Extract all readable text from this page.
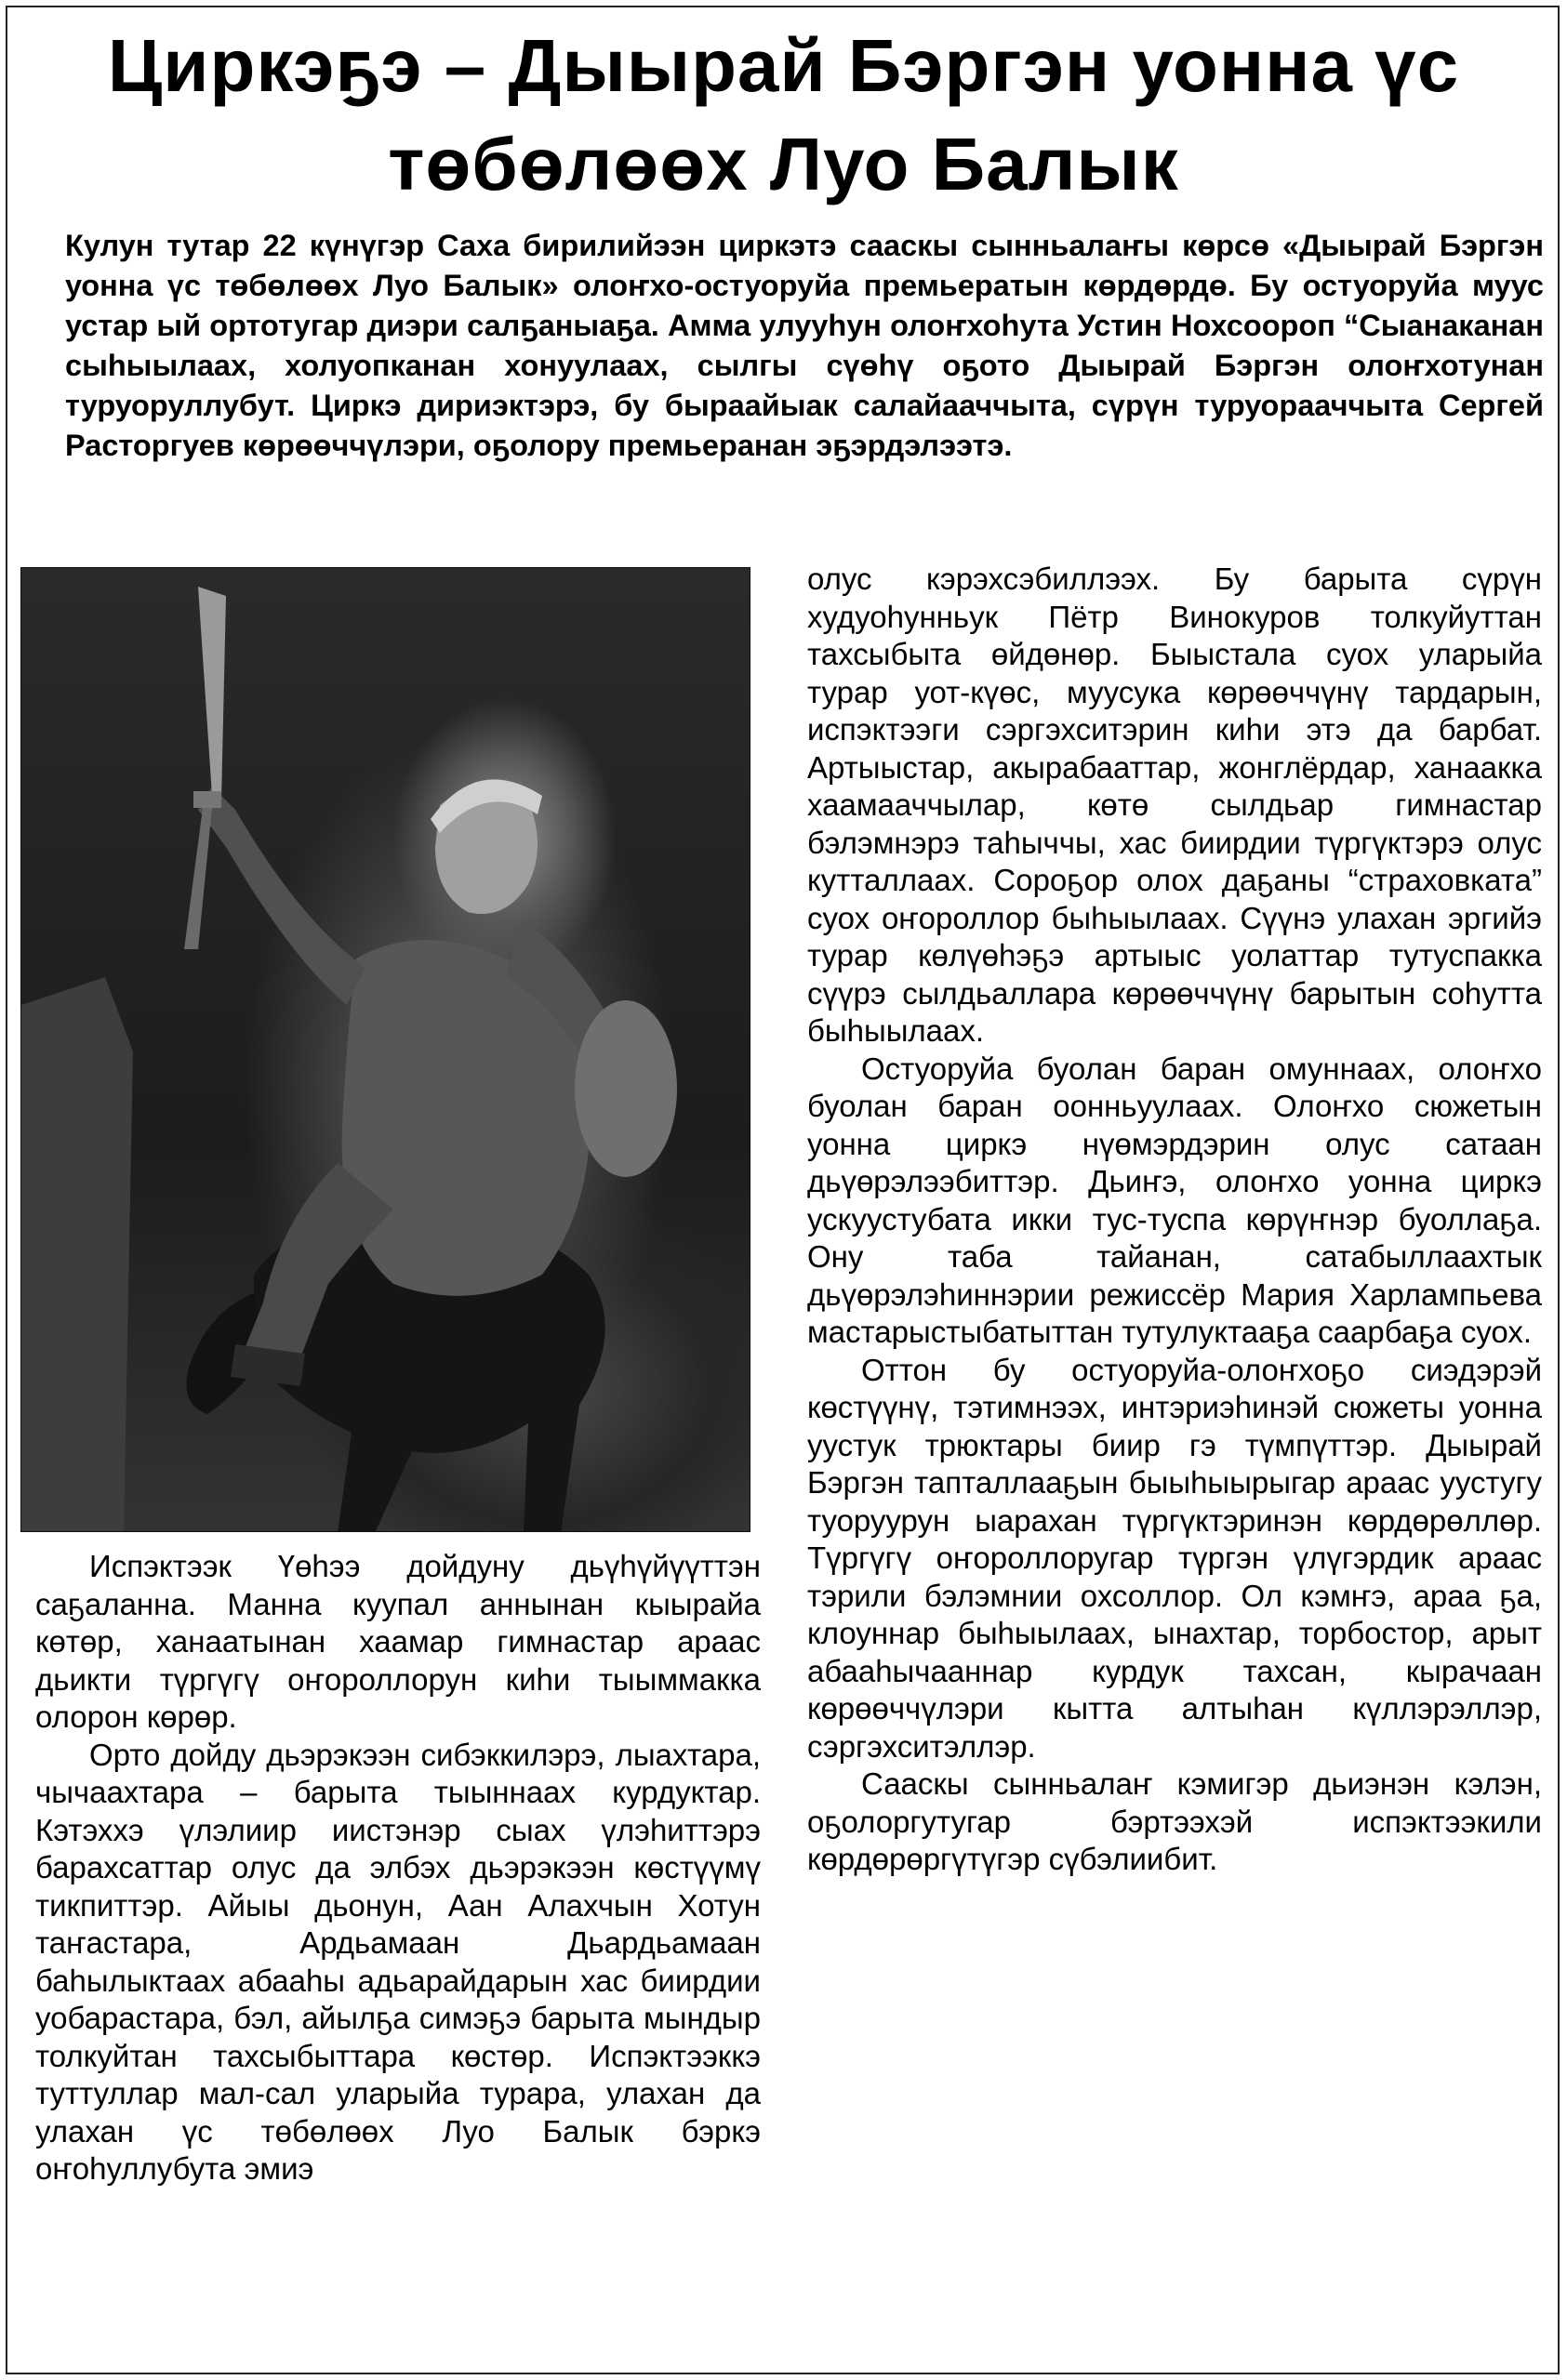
Циркэҕэ – Дыырай Бэргэн уонна үс төбөлөөх Луо Балык

Кулун тутар 22 күнүгэр Саха бирилийээн циркэтэ сааскы сынньалаҥы көрсө «Дыырай Бэргэн уонна үс төбөлөөх Луо Балык» олоҥхо-остуоруйа премьератын көрдөрдө. Бу остуоруйа муус устар ый ортотугар диэри салҕаныаҕа. Амма улууһун олоҥхоһута Устин Нохсоороп “Сыанаканан сыһыылаах, холуопканан хонуулаах, сылгы сүөһү оҕото Дыырай Бэргэн олоҥхотунан туруоруллубут. Циркэ дириэктэрэ, бу быраайыак салайааччыта, сүрүн туруорааччыта Сергей Расторгуев көрөөччүлэри, оҕолору премьеранан эҕэрдэлээтэ.

Испэктээк Үөһээ дойдуну дьүһүйүүттэн саҕаланна. Манна куупал аннынан кыырайа көтөр, ханаатынан хаамар гимнастар араас дьикти түргүгү оҥороллорун киһи тыыммакка олорон көрөр.

Орто дойду дьэрэкээн сибэккилэрэ, лыахтара, чычаахтара – барыта тыыннаах курдуктар. Кэтэххэ үлэлиир иистэнэр сыах үлэһиттэрэ барахсаттар олус да элбэх дьэрэкээн көстүүмү тикпиттэр. Айыы дьонун, Аан Алахчын Хотун таҥастара, Ардьамаан Дьардьамаан баһылыктаах абааһы адьарайдарын хас биирдии уобарастара, бэл, айылҕа симэҕэ барыта мындыр толкуйтан тахсыбыттара көстөр. Испэктээккэ туттуллар мал-сал уларыйа турара, улахан да улахан үс төбөлөөх Луо Балык бэркэ оҥоһуллубута эмиэ

олус кэрэхсэбиллээх. Бу барыта сүрүн худуоһунньук Пётр Винокуров толкуйуттан тахсыбыта өйдөнөр. Быыстала суох уларыйа турар уот-күөс, муусука көрөөччүнү тардарын, испэктээги сэргэхситэрин киһи этэ да барбат. Артыыстар, акырабааттар, жонглёрдар, ханаакка хаамааччылар, көтө сылдьар гимнастар бэлэмнэрэ таһыччы, хас биирдии түргүктэрэ олус кутталлаах. Сороҕор олох даҕаны “страховката” суох оҥороллор быһыылаах. Сүүнэ улахан эргийэ турар көлүөһэҕэ артыыс уолаттар тутуспакка сүүрэ сылдьаллара көрөөччүнү барытын соһутта быһыылаах.

Остуоруйа буолан баран омуннаах, олоҥхо буолан баран оонньуулаах. Олоҥхо сюжетын уонна циркэ нүөмэрдэрин олус сатаан дьүөрэлээбиттэр. Дьиҥэ, олоҥхо уонна циркэ ускуустубата икки тус-туспа көрүҥнэр буоллаҕа. Ону таба тайанан, сатабыллаахтык дьүөрэлэһиннэрии режиссёр Мария Харлампьева мастарыстыбатыттан тутулуктааҕа саарбаҕа суох.

Оттон бу остуоруйа-олоҥхоҕо сиэдэрэй көстүүнү, тэтимнээх, интэриэһинэй сюжеты уонна уустук трюктары биир гэ түмпүттэр. Дыырай Бэргэн тапталлааҕын быыһыырыгар араас уустугу туоруурун ыарахан түргүктэринэн көрдөрөллөр. Түргүгү оҥороллоругар түргэн үлүгэрдик араас тэрили бэлэмнии охсоллор. Ол кэмҥэ, араа ҕа, клоуннар быһыылаах, ынахтар, торбостор, арыт абааһычааннар курдук тахсан, кырачаан көрөөччүлэри кытта алтыһан күллэрэллэр, сэргэхситэллэр.

Сааскы сынньалаҥ кэмигэр дьиэнэн кэлэн, оҕолоргутугар бэртээхэй испэктээкили көрдөрөргүтүгэр сүбэлиибит.
